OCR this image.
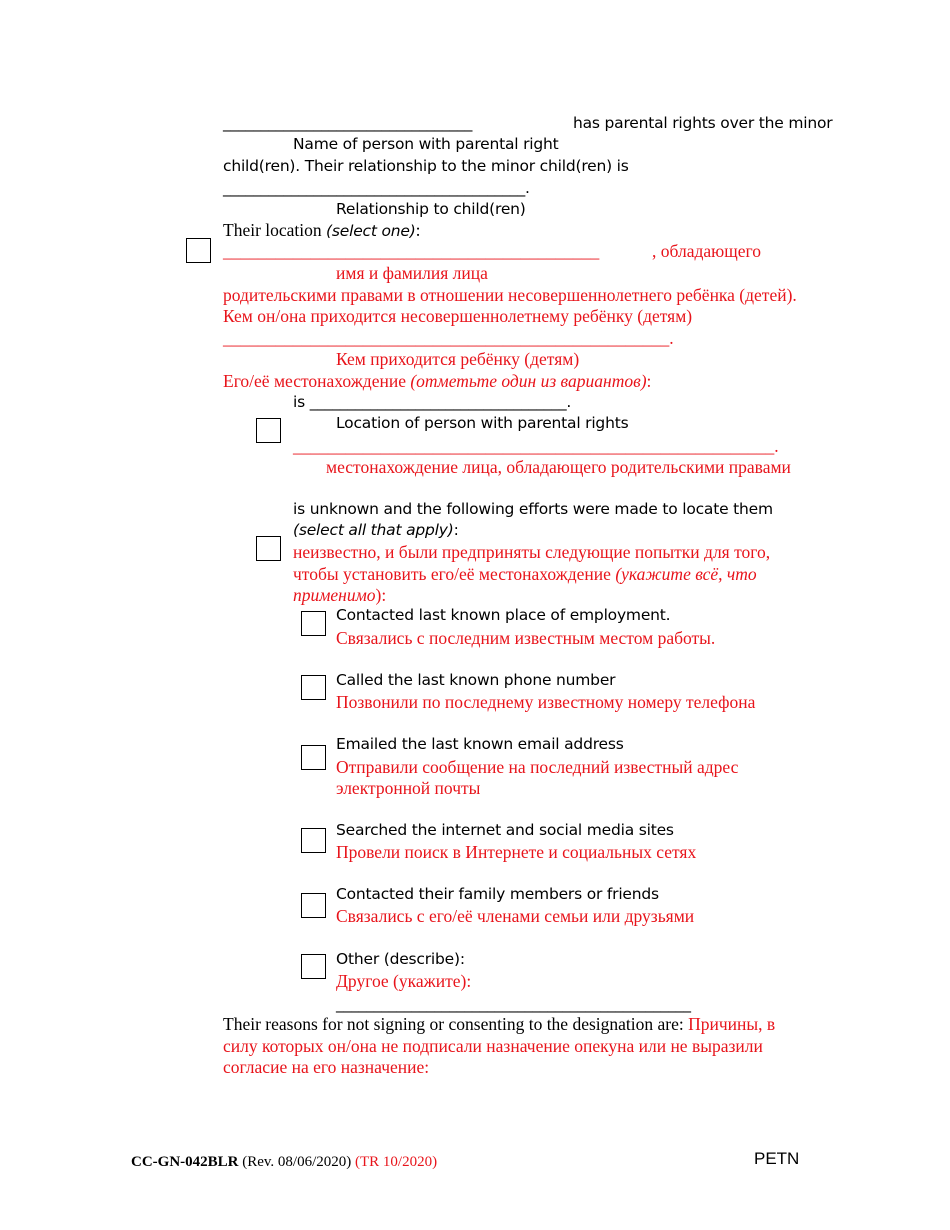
_________________________________	has parental rights over the minor
Name of person with parental right
child(ren). Their relationship to the minor child(ren) is
________________________________________.
Relationship to child(ren)
Their location (select one):
___________________________________________	, обладающего
имя и фамилия лица
родительскими правами в отношении несовершеннолетнего ребёнка (детей).
Кем он/она приходится несовершеннолетнему ребёнку (детям)
___________________________________________________.
Кем приходится ребёнку (детям)
Его/её местонахождение (отметьте один из вариантов):
is __________________________________.
Location of person with parental rights
_______________________________________________________.
местонахождение лица, обладающего родительскими правами
is unknown and the following efforts were made to locate them
(select all that apply):
неизвестно, и были предприняты следующие попытки для того,
чтобы установить его/её местонахождение (укажите всё, что
применимо):
Contacted last known place of employment.
Связались с последним известным местом работы.
Called the last known phone number
Позвонили по последнему известному номеру телефона
Emailed the last known email address
Отправили сообщение на последний известный адрес
электронной почты
Searched the internet and social media sites
Провели поиск в Интернете и социальных сетях
Contacted their family members or friends
Связались с его/её членами семьи или друзьями
Other (describe):
Другое (укажите):
_______________________________________________
Their reasons for not signing or consenting to the designation are: Причины, в
силу которых он/она не подписали назначение опекуна или не выразили
согласие на его назначение:
CC-GN-042BLR (Rev. 08/06/2020) (TR 10/2020)	PETN
